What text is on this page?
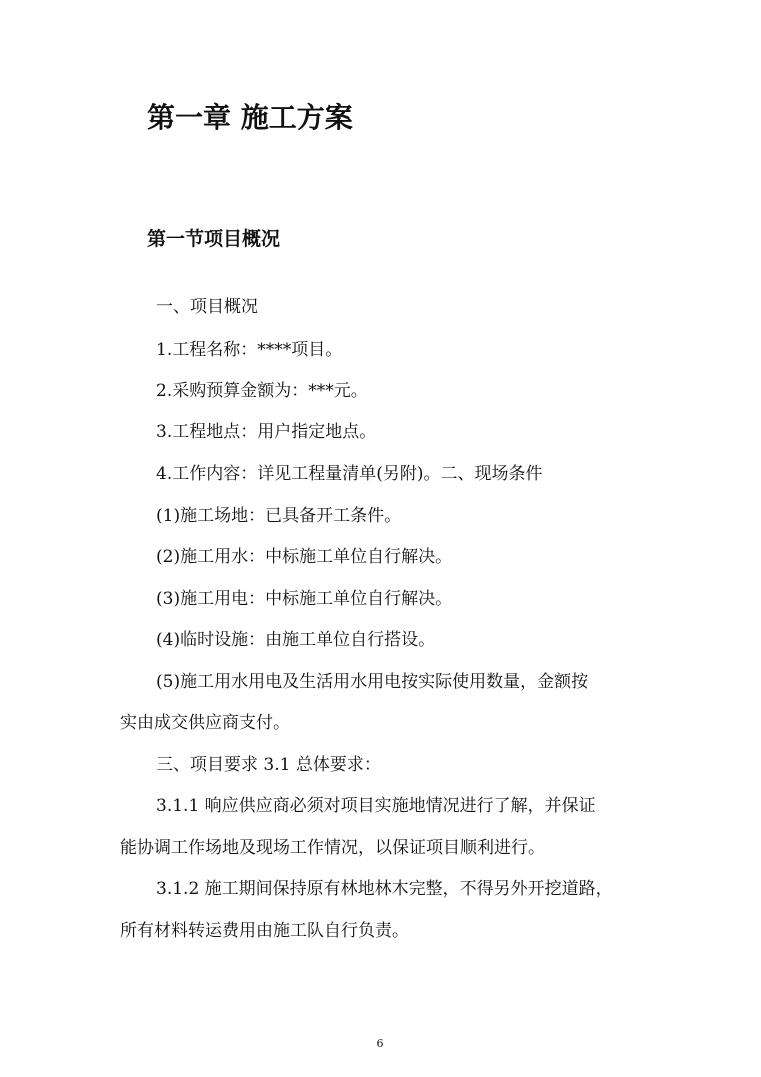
第一章 施工方案
第一节项目概况

一、项目概况

1.工程名称：****项目。

2.采购预算金额为：***元。

3.工程地点：用户指定地点。

4.工作内容：详见工程量清单(另附)。二、现场条件

(1)施工场地：已具备开工条件。

(2)施工用水：中标施工单位自行解决。

(3)施工用电：中标施工单位自行解决。

(4)临时设施：由施工单位自行搭设。

(5)施工用水用电及生活用水用电按实际使用数量，金额按

实由成交供应商支付。

三、项目要求 3.1 总体要求：

3.1.1 响应供应商必须对项目实施地情况进行了解，并保证

能协调工作场地及现场工作情况，以保证项目顺利进行。

3.1.2 施工期间保持原有林地林木完整，不得另外开挖道路，

所有材料转运费用由施工队自行负责。

6
